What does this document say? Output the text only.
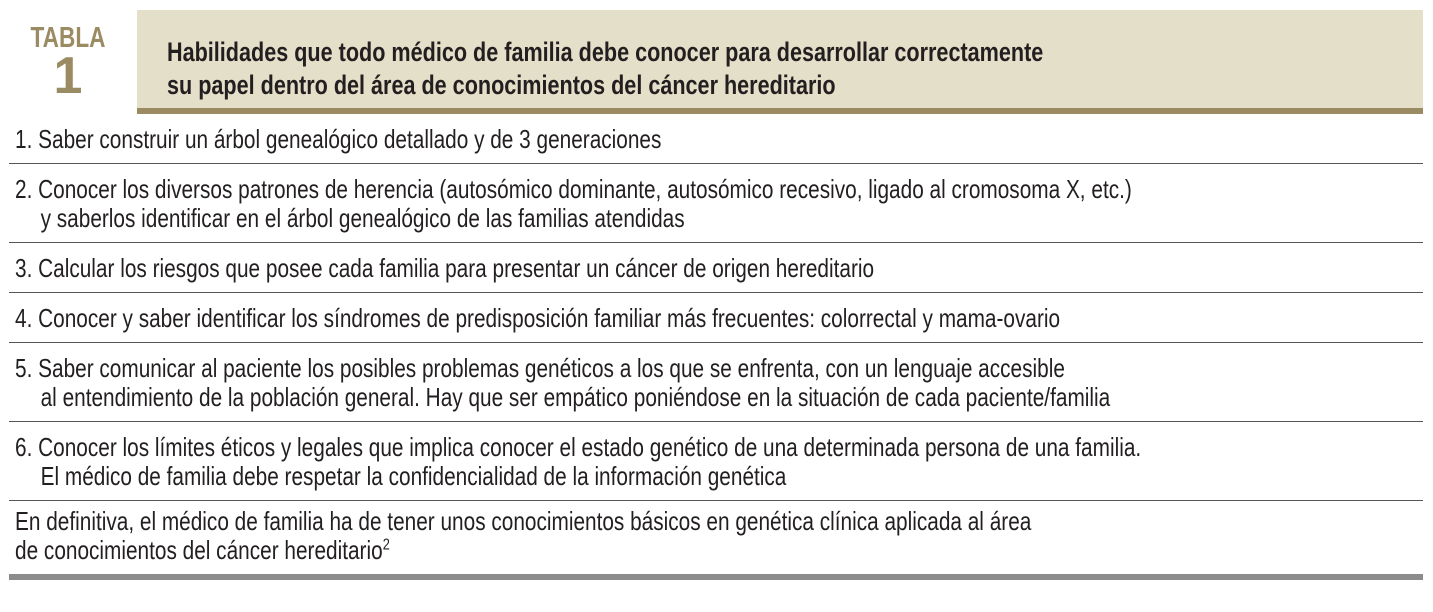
TABLA
1	Habilidades que todo médico de familia debe conocer para desarrollar correctamente
su papel dentro del área de conocimientos del cáncer hereditario
1. Saber construir un árbol genealógico detallado y de 3 generaciones
2. Conocer los diversos patrones de herencia (autosómico dominante, autosómico recesivo, ligado al cromosoma X, etc.)
y saberlos identificar en el árbol genealógico de las familias atendidas
3. Calcular los riesgos que posee cada familia para presentar un cáncer de origen hereditario
4. Conocer y saber identificar los síndromes de predisposición familiar más frecuentes: colorrectal y mama-ovario
5. Saber comunicar al paciente los posibles problemas genéticos a los que se enfrenta, con un lenguaje accesible
al entendimiento de la población general. Hay que ser empático poniéndose en la situación de cada paciente/familia
6. Conocer los límites éticos y legales que implica conocer el estado genético de una determinada persona de una familia.
El médico de familia debe respetar la confidencialidad de la información genética
En definitiva, el médico de familia ha de tener unos conocimientos básicos en genética clínica aplicada al área
de conocimientos del cáncer hereditario$^2$
